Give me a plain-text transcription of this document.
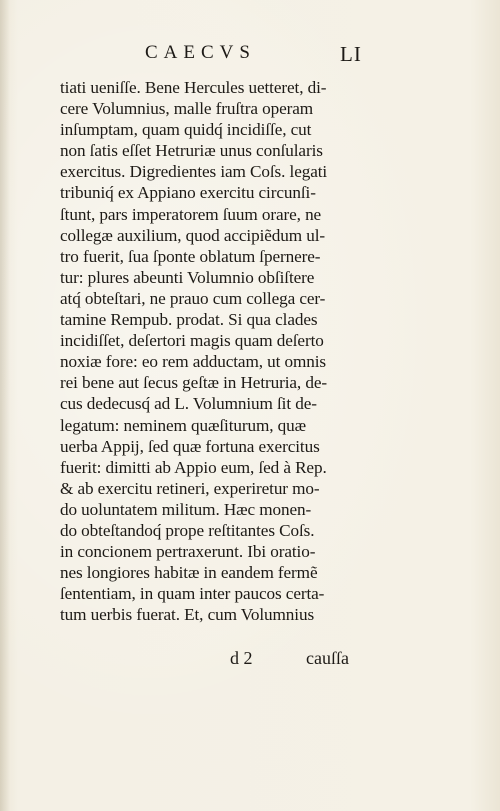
CAECVS	LI
tiati ueniſſe. Bene Hercules uetteret, di-
cere Volumnius, malle fruſtra operam
inſumptam, quam quidq́ incidiſſe, cut
non ſatis eſſet Hetruriæ unus conſularis
exercitus. Digredientes iam Coſs. legati
tribuniq́ ex Appiano exercitu circunſi-
ſtunt, pars imperatorem ſuum orare, ne
collegæ auxilium, quod accipiẽdum ul-
tro fuerit, ſua ſponte oblatum ſpernere-
tur: plures abeunti Volumnio obſiſtere
atq́ obteſtari, ne prauo cum collega cer-
tamine Rempub. prodat. Si qua clades
incidiſſet, deſertori magis quam deſerto
noxiæ fore: eo rem adductam, ut omnis
rei bene aut ſecus geſtæ in Hetruria, de-
cus dedecusq́ ad L. Volumnium ſit de-
legatum: neminem quæſiturum, quæ
uerba Appij, ſed quæ fortuna exercitus
fuerit: dimitti ab Appio eum, ſed à Rep.
& ab exercitu retineri, experiretur mo-
do uoluntatem militum. Hæc monen-
do obteſtandoq́ prope reſtitantes Coſs.
in concionem pertraxerunt. Ibi oratio-
nes longiores habitæ in eandem fermẽ
ſententiam, in quam inter paucos certa-
tum uerbis fuerat. Et, cum Volumnius
d 2	cauſſa
